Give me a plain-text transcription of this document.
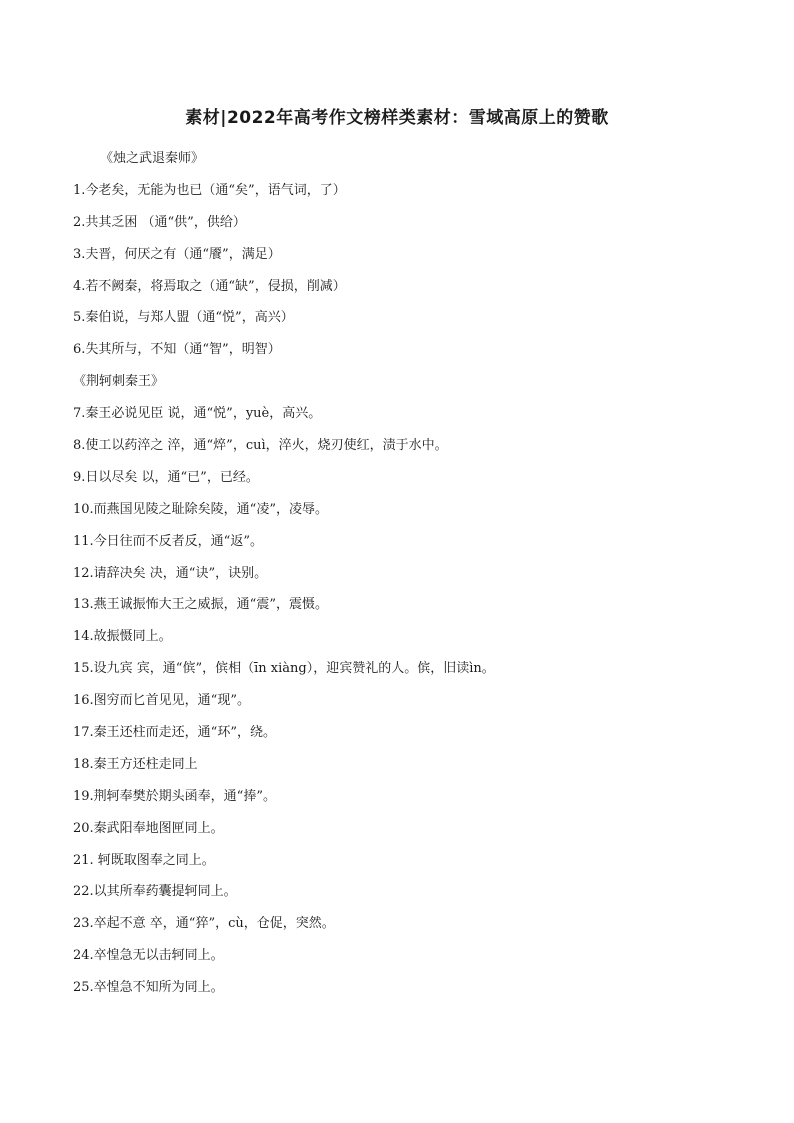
素材|2022年高考作文榜样类素材：雪域高原上的赞歌
《烛之武退秦师》
1.今老矣，无能为也已（通“矣”，语气词，了）
2.共其乏困 （通“供”，供给）
3.夫晋，何厌之有（通“餍”，满足）
4.若不阙秦，将焉取之（通“缺”，侵损，削减）
5.秦伯说，与郑人盟（通“悦”，高兴）
6.失其所与，不知（通“智”，明智）
《荆轲刺秦王》
7.秦王必说见臣 说，通“悦”，yuè，高兴。
8.使工以药淬之 淬，通“焠”，cuì，淬火，烧刃使红，渍于水中。
9.日以尽矣 以，通“已”，已经。
10.而燕国见陵之耻除矣陵，通“凌”，凌辱。
11.今日往而不反者反，通“返”。
12.请辞决矣 决，通“诀”，诀别。
13.燕王诚振怖大王之威振，通“震”，震慑。
14.故振慑同上。
15.设九宾 宾，通“傧”，傧相（īn xiàng），迎宾赞礼的人。傧，旧读ìn。
16.图穷而匕首见见，通“现”。
17.秦王还柱而走还，通“环”，绕。
18.秦王方还柱走同上
19.荆轲奉樊於期头函奉，通“捧”。
20.秦武阳奉地图匣同上。
21. 轲既取图奉之同上。
22.以其所奉药囊提轲同上。
23.卒起不意 卒，通“猝”，cù，仓促，突然。
24.卒惶急无以击轲同上。
25.卒惶急不知所为同上。
